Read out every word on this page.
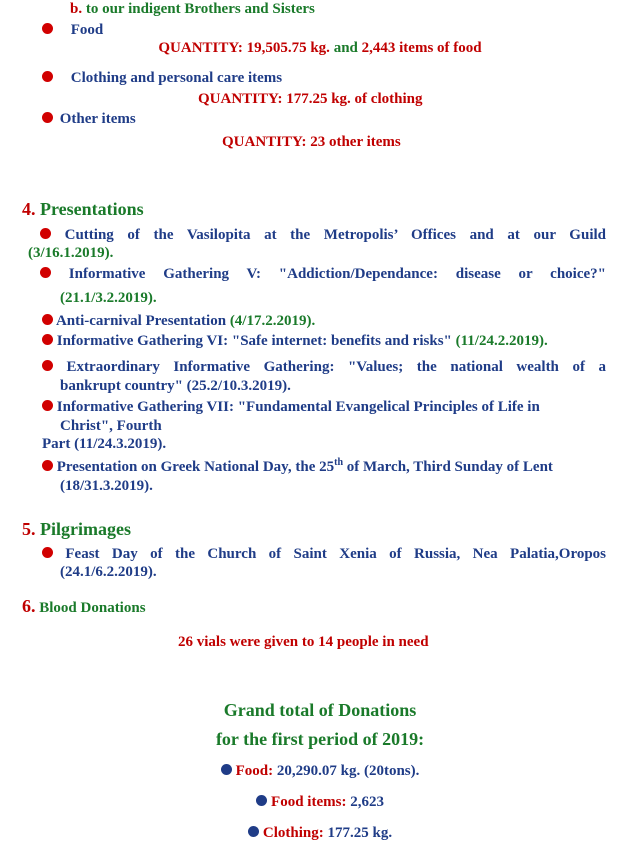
b. to our indigent Brothers and Sisters
Food
QUANTITY: 19,505.75 kg. and 2,443 items of food
Clothing and personal care items
QUANTITY: 177.25 kg. of clothing
Other items
QUANTITY: 23 other items
4. Presentations
Cutting of the Vasilopita at the Metropolis’ Offices and at our Guild
(3/16.1.2019).
Informative Gathering V: "Addiction/Dependance: disease or choice?"
(21.1/3.2.2019).
Anti-carnival Presentation (4/17.2.2019).
Informative Gathering VI: "Safe internet: benefits and risks" (11/24.2.2019).
Extraordinary Informative Gathering: "Values; the national wealth of a
bankrupt country" (25.2/10.3.2019).
Informative Gathering VII: "Fundamental Evangelical Principles of Life in
Christ", Fourth
Part (11/24.3.2019).
Presentation on Greek National Day, the 25th of March, Third Sunday of Lent
(18/31.3.2019).
5. Pilgrimages
Feast Day of the Church of Saint Xenia of Russia, Nea Palatia,Oropos
(24.1/6.2.2019).
6. Blood Donations
26 vials were given to 14 people in need
Grand total of Donations
for the first period of 2019:
Food: 20,290.07 kg. (20tons).
Food items: 2,623
Clothing: 177.25 kg.
